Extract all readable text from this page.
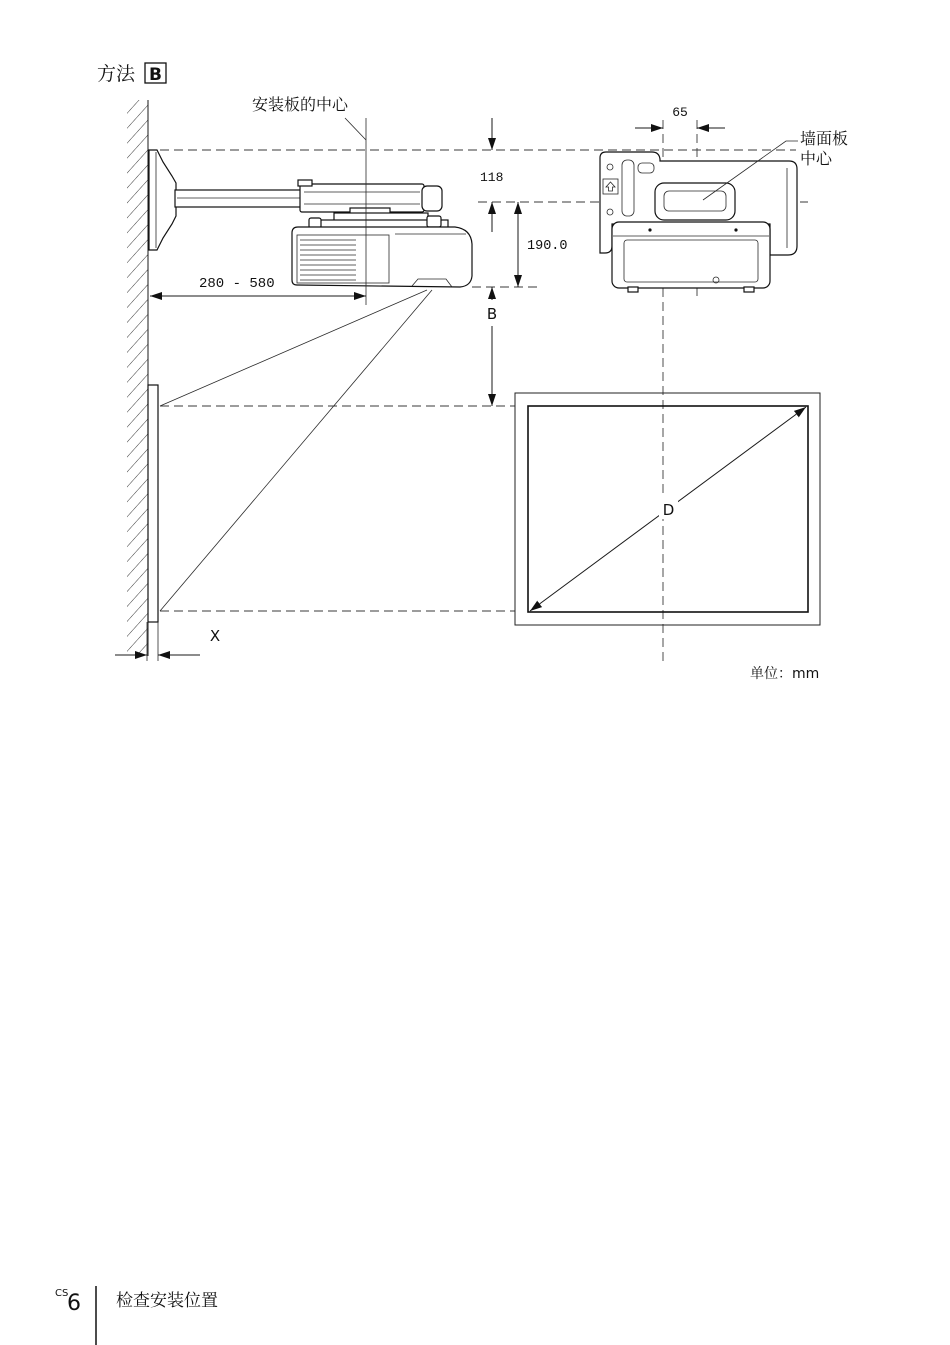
方法 B
安装板的中心
280 - 580
118
190.0
B
X
65
墙面板
中心
D
单位：mm
CS
6 检查安装位置
